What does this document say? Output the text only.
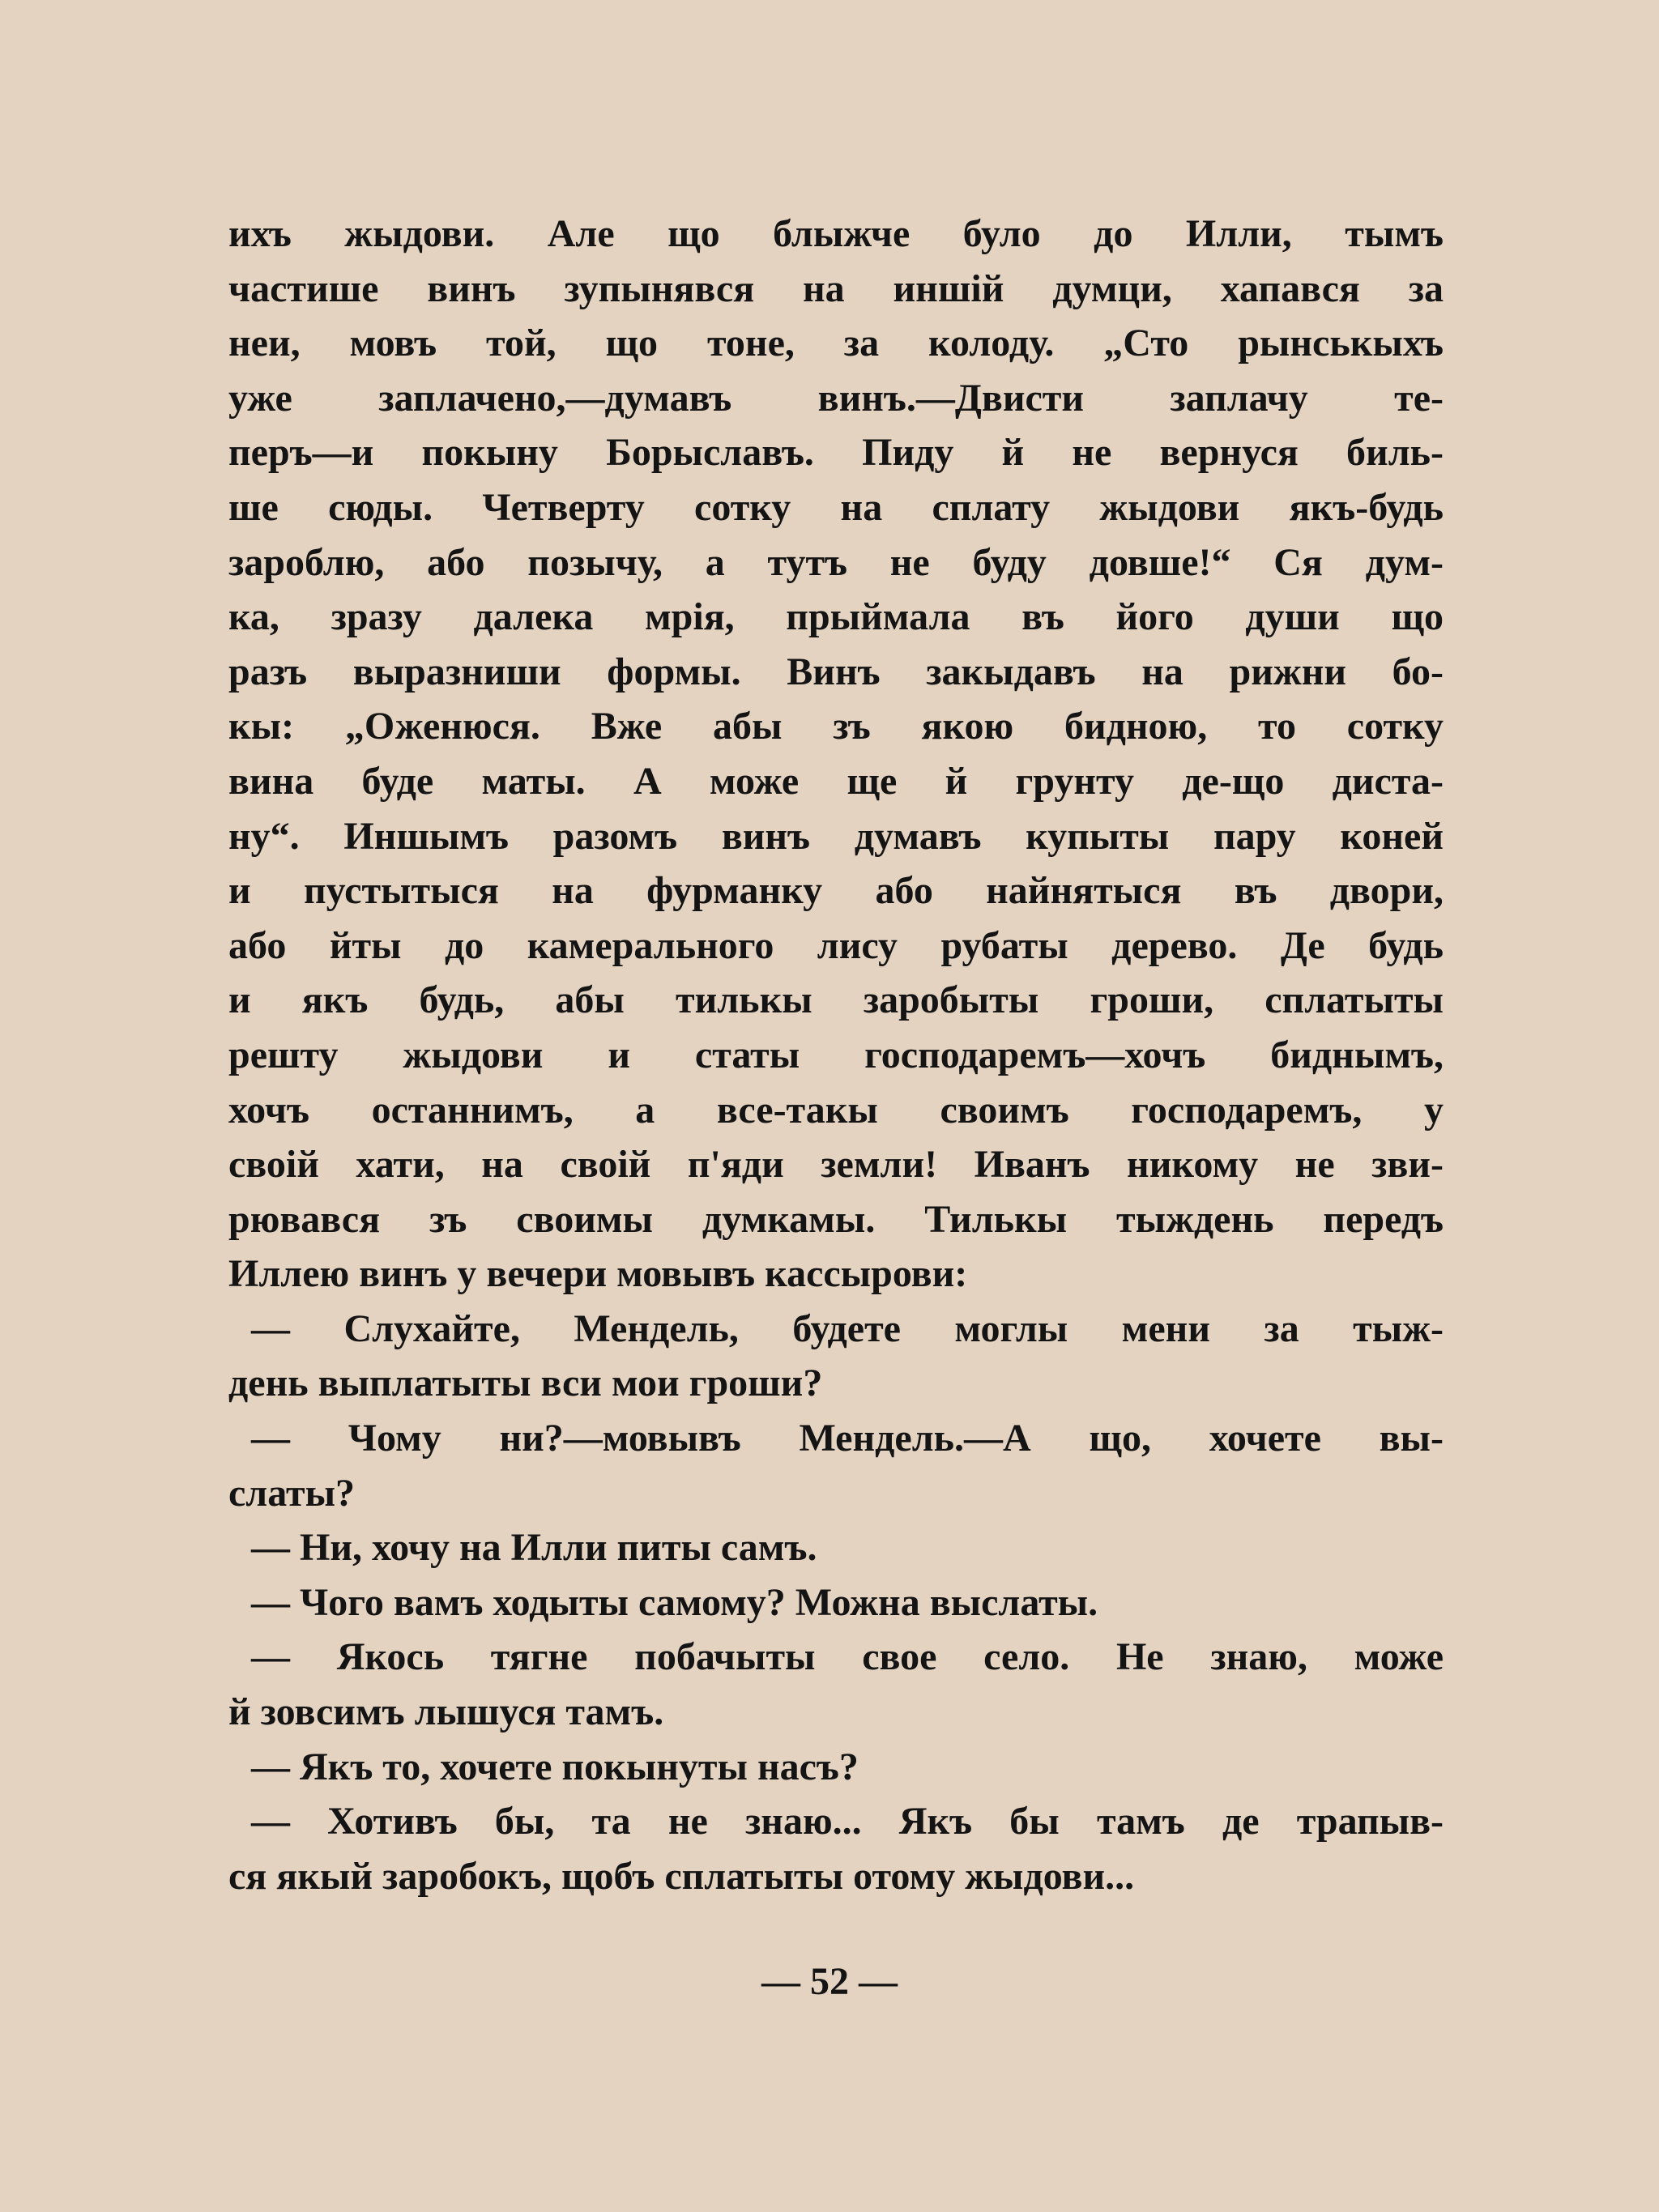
ихъ жыдови. Але що блыжче було до Илли, тымъ
частише винъ зупынявся на иншій думци, хапався за
неи, мовъ той, що тоне, за колоду. „Сто рынськыхъ
уже заплачено,—думавъ винъ.—Двисти заплачу те-
перъ—и покыну Борыславъ. Пиду й не вернуся биль-
ше сюды. Четверту сотку на сплату жыдови якъ-будь
зароблю, або позычу, а тутъ не буду довше!“ Ся дум-
ка, зразу далека мрія, прыймала въ його души що
разъ выразниши формы. Винъ закыдавъ на рижни бо-
кы: „Оженюся. Вже абы зъ якою бидною, то сотку
вина буде маты. А може ще й грунту де-що диста-
ну“. Иншымъ разомъ винъ думавъ купыты пару коней
и пустытыся на фурманку або найнятыся въ двори,
або йты до камерального лису рубаты дерево. Де будь
и якъ будь, абы тилькы заробыты гроши, сплатыты
решту жыдови и статы господаремъ—хочъ биднымъ,
хочъ останнимъ, а все-такы своимъ господаремъ, у
своій хати, на своій п'яди земли! Иванъ никому не зви-
рювався зъ своимы думкамы. Тилькы тыждень передъ
Иллею винъ у вечери мовывъ кассырови:
— Слухайте, Мендель, будете моглы мени за тыж-
день выплатыты вси мои гроши?
— Чому ни?—мовывъ Мендель.—А що, хочете вы-
слаты?
— Ни, хочу на Илли питы самъ.
— Чого вамъ ходыты самому? Можна выслаты.
— Якось тягне побачыты свое село. Не знаю, може
й зовсимъ лышуся тамъ.
— Якъ то, хочете покынуты насъ?
— Хотивъ бы, та не знаю... Якъ бы тамъ де трапыв-
ся якый заробокъ, щобъ сплатыты отому жыдови...
— 52 —
